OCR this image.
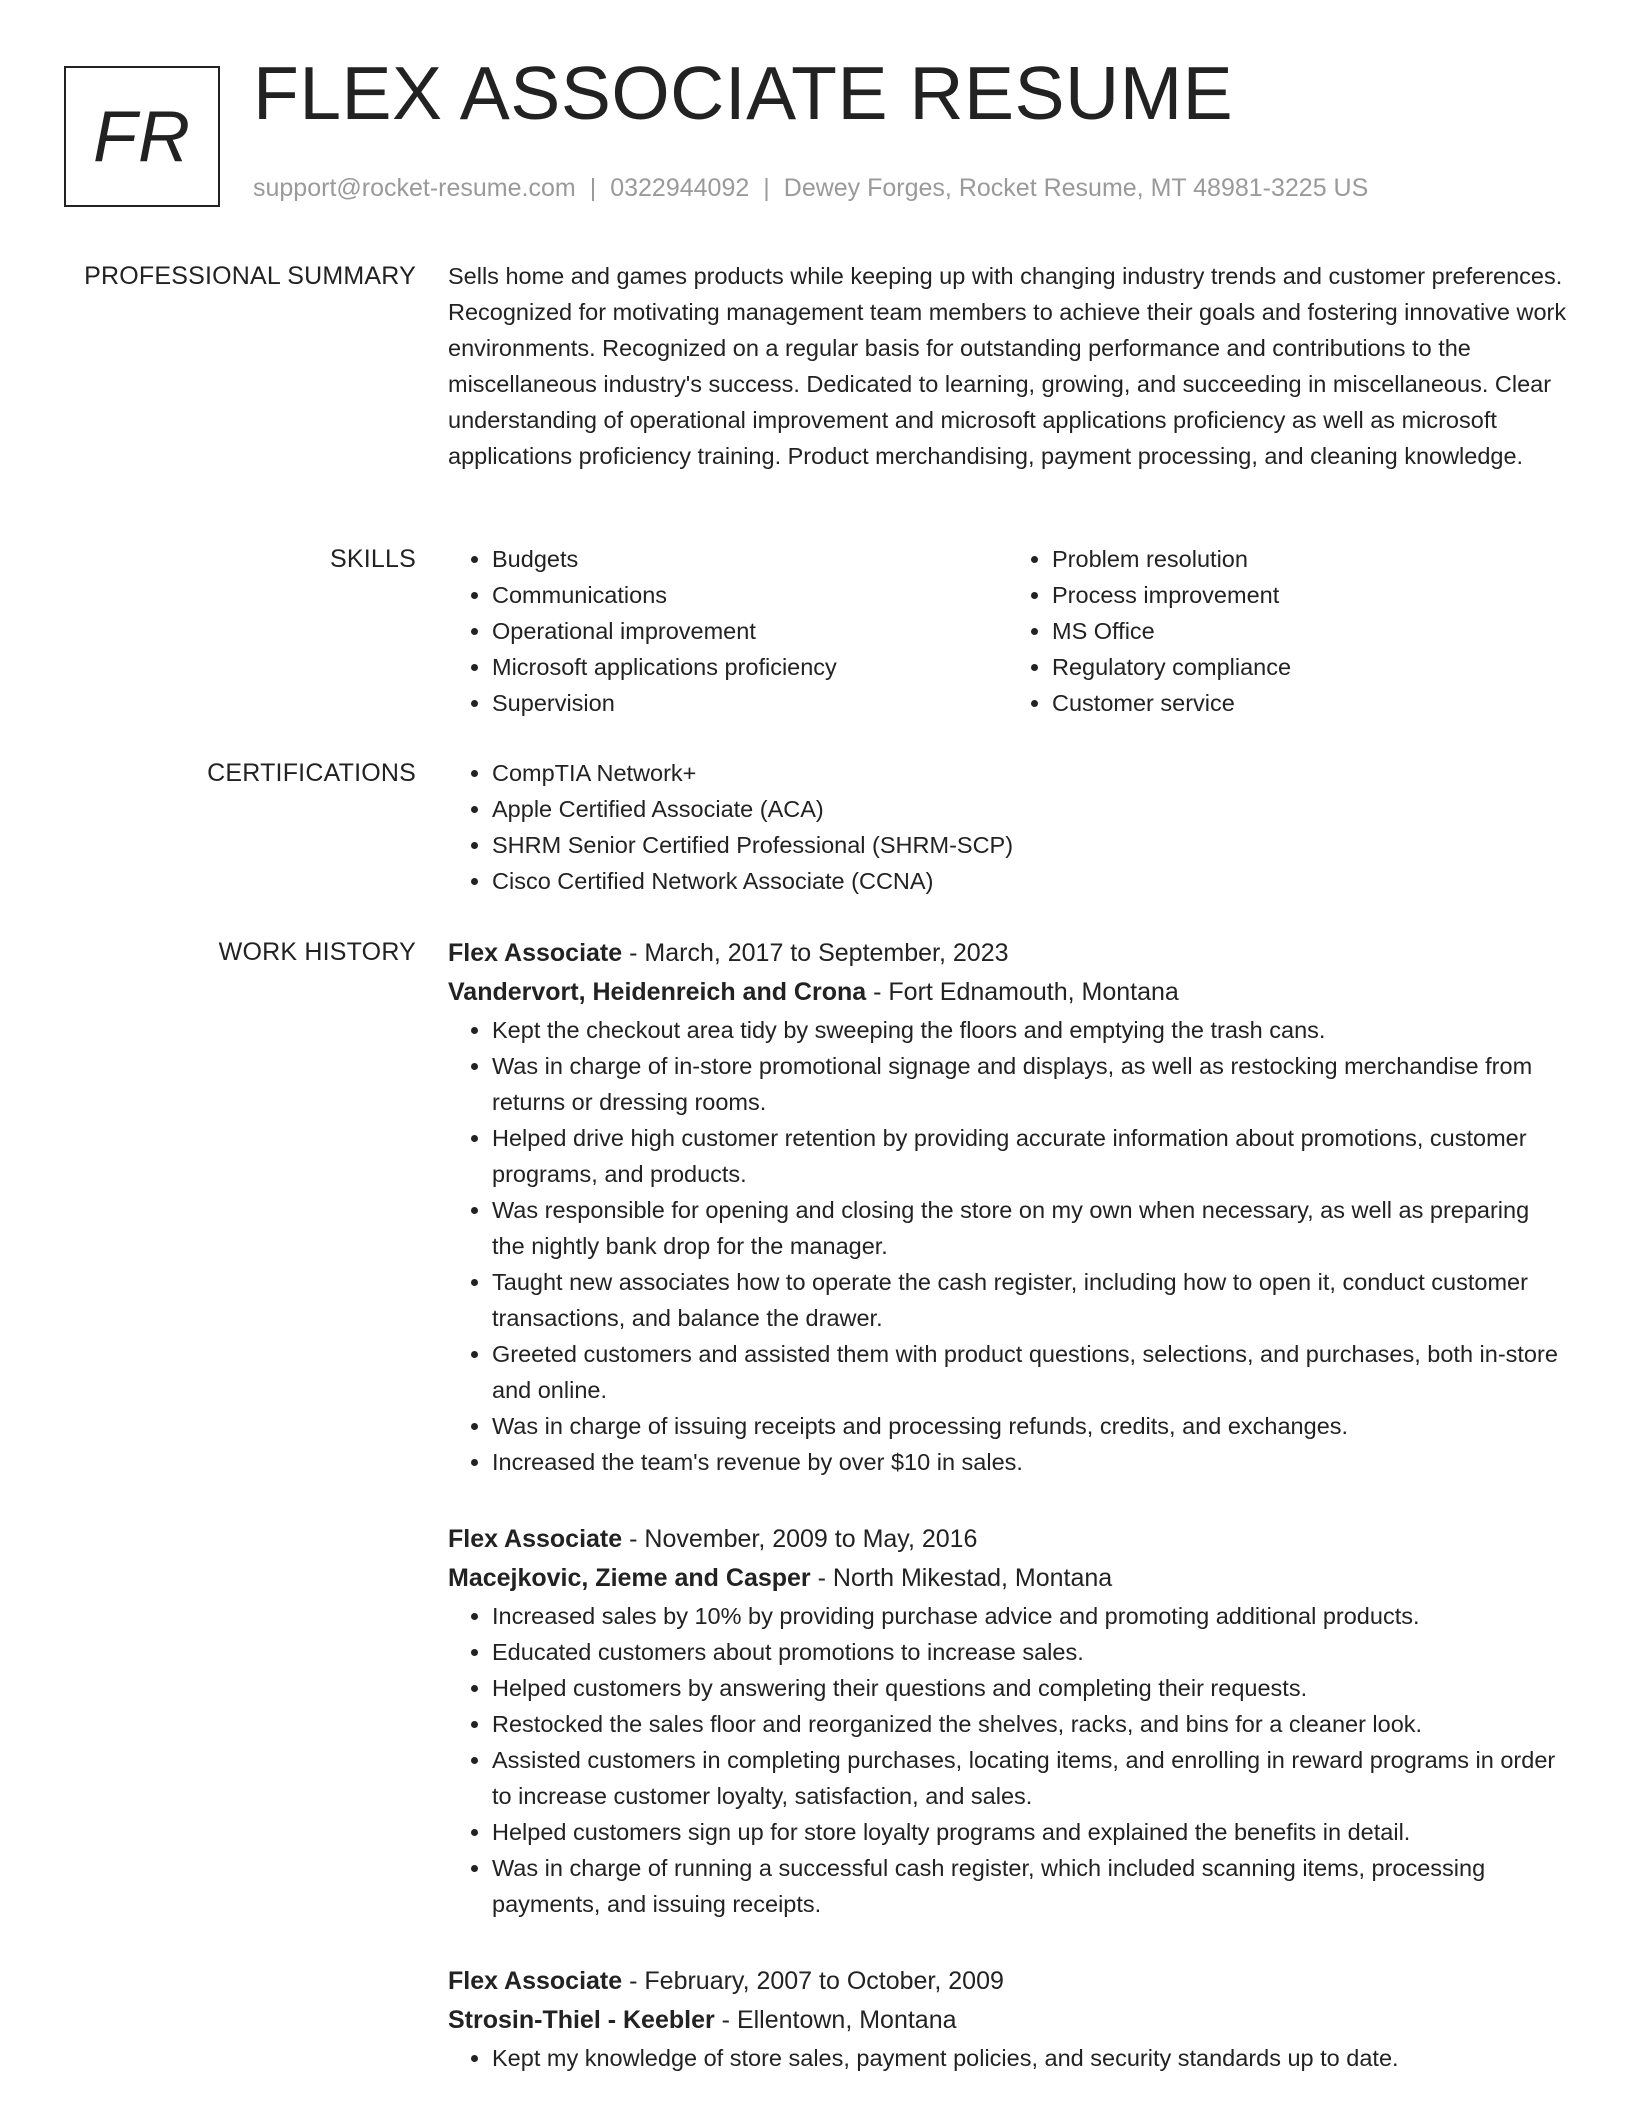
FR
FLEX ASSOCIATE RESUME
support@rocket-resume.com | 0322944092 | Dewey Forges, Rocket Resume, MT 48981-3225 US
PROFESSIONAL SUMMARY Sells home and games products while keeping up with changing industry trends and customer preferences. Recognized for motivating management team members to achieve their goals and fostering innovative work environments. Recognized on a regular basis for outstanding performance and contributions to the miscellaneous industry's success. Dedicated to learning, growing, and succeeding in miscellaneous. Clear understanding of operational improvement and microsoft applications proficiency as well as microsoft applications proficiency training. Product merchandising, payment processing, and cleaning knowledge.

SKILLS	• Budgets
• Communications
• Operational improvement
• Microsoft applications proficiency
• Supervision
• Problem resolution
• Process improvement
• MS Office
• Regulatory compliance
• Customer service
CERTIFICATIONS	• CompTIA Network+
• Apple Certified Associate (ACA)
• SHRM Senior Certified Professional (SHRM-SCP)
• Cisco Certified Network Associate (CCNA)
WORK HISTORY Flex Associate - March, 2017 to September, 2023
Vandervort, Heidenreich and Crona - Fort Ednamouth, Montana
• Kept the checkout area tidy by sweeping the floors and emptying the trash cans.
• Was in charge of in-store promotional signage and displays, as well as restocking merchandise from returns or dressing rooms.
• Helped drive high customer retention by providing accurate information about promotions, customer programs, and products.
• Was responsible for opening and closing the store on my own when necessary, as well as preparing the nightly bank drop for the manager.
• Taught new associates how to operate the cash register, including how to open it, conduct customer transactions, and balance the drawer.
• Greeted customers and assisted them with product questions, selections, and purchases, both in-store and online.
• Was in charge of issuing receipts and processing refunds, credits, and exchanges.
• Increased the team's revenue by over $10 in sales.
Flex Associate - November, 2009 to May, 2016
Macejkovic, Zieme and Casper - North Mikestad, Montana
• Increased sales by 10% by providing purchase advice and promoting additional products.
• Educated customers about promotions to increase sales.
• Helped customers by answering their questions and completing their requests.
• Restocked the sales floor and reorganized the shelves, racks, and bins for a cleaner look.
• Assisted customers in completing purchases, locating items, and enrolling in reward programs in order to increase customer loyalty, satisfaction, and sales.
• Helped customers sign up for store loyalty programs and explained the benefits in detail.
• Was in charge of running a successful cash register, which included scanning items, processing payments, and issuing receipts.
Flex Associate - February, 2007 to October, 2009
Strosin-Thiel - Keebler - Ellentown, Montana
• Kept my knowledge of store sales, payment policies, and security standards up to date.
